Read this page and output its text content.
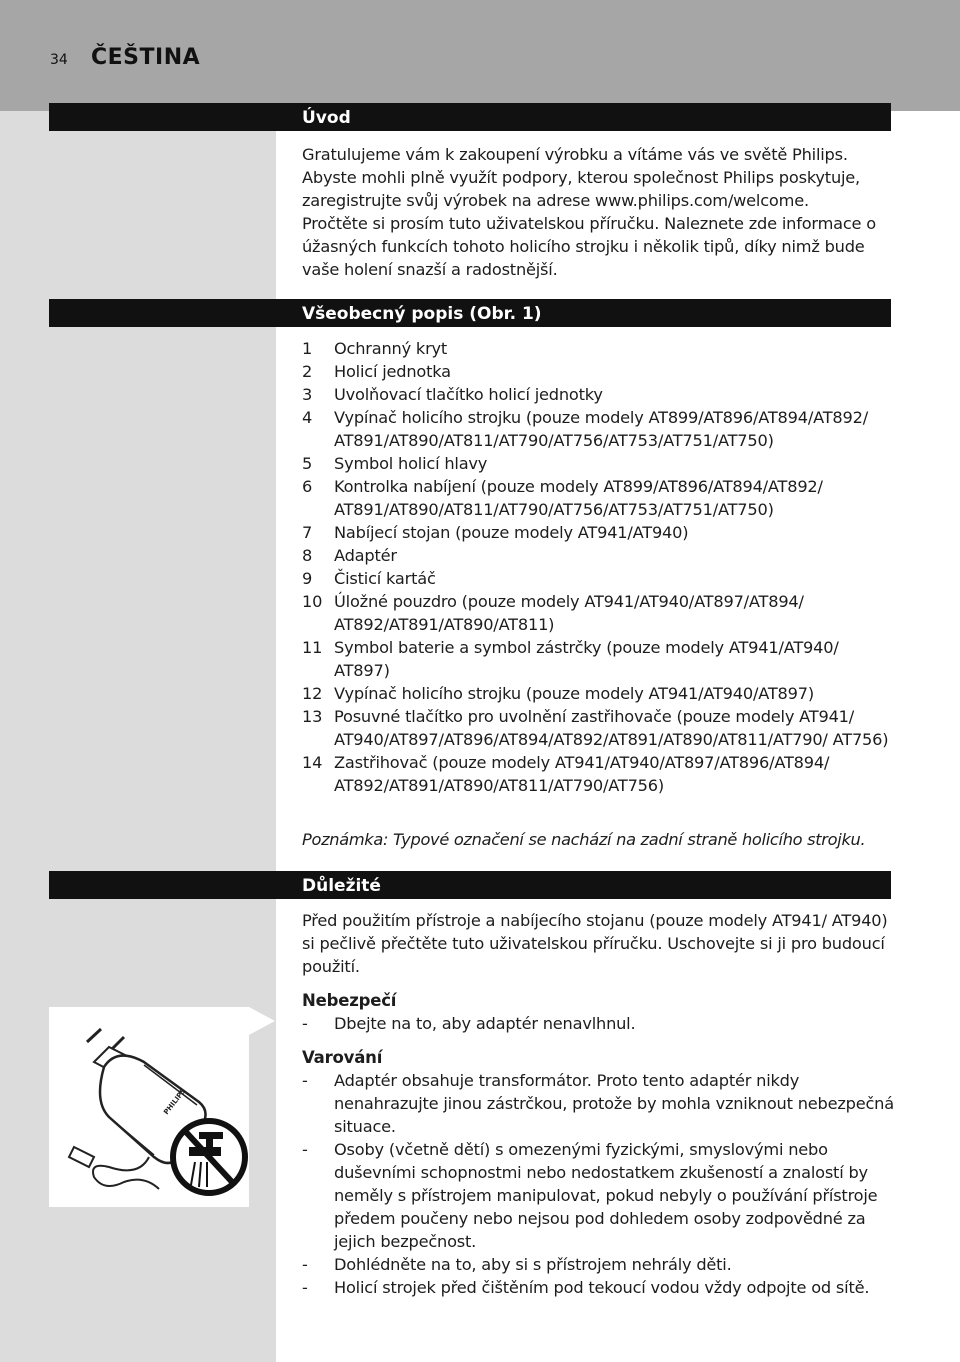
34 ČEŠTINA
Úvod

Gratulujeme vám k zakoupení výrobku a vítáme vás ve světě Philips. Abyste mohli plně využít podpory, kterou společnost Philips poskytuje, zaregistrujte svůj výrobek na adrese www.philips.com/welcome.

Pročtěte si prosím tuto uživatelskou příručku. Naleznete zde informace o úžasných funkcích tohoto holicího strojku i několik tipů, díky nimž bude vaše holení snazší a radostnější.

Všeobecný popis (Obr. 1)
1 Ochranný kryt
2 Holicí jednotka
3 Uvolňovací tlačítko holicí jednotky
4 Vypínač holicího strojku (pouze modely AT899/AT896/AT894/AT892/ AT891/AT890/AT811/AT790/AT756/AT753/AT751/AT750)
5 Symbol holicí hlavy
6 Kontrolka nabíjení (pouze modely AT899/AT896/AT894/AT892/ AT891/AT890/AT811/AT790/AT756/AT753/AT751/AT750)
7 Nabíjecí stojan (pouze modely AT941/AT940)
8 Adaptér
9 Čisticí kartáč
10 Úložné pouzdro (pouze modely AT941/AT940/AT897/AT894/ AT892/AT891/AT890/AT811)
11 Symbol baterie a symbol zástrčky (pouze modely AT941/AT940/ AT897)
12 Vypínač holicího strojku (pouze modely AT941/AT940/AT897)
13 Posuvné tlačítko pro uvolnění zastřihovače (pouze modely AT941/ AT940/AT897/AT896/AT894/AT892/AT891/AT890/AT811/AT790/ AT756)
14 Zastřihovač (pouze modely AT941/AT940/AT897/AT896/AT894/ AT892/AT891/AT890/AT811/AT790/AT756)
Poznámka: Typové označení se nachází na zadní straně holicího strojku.
Důležité
Před použitím přístroje a nabíjecího stojanu (pouze modely AT941/ AT940) si pečlivě přečtěte tuto uživatelskou příručku. Uschovejte si ji pro budoucí použití.
Nebezpečí
- Dbejte na to, aby adaptér nenavlhnul.
Varování
- Adaptér obsahuje transformátor. Proto tento adaptér nikdy nenahrazujte jinou zástrčkou, protože by mohla vzniknout nebezpečná situace.
- Osoby (včetně dětí) s omezenými fyzickými, smyslovými nebo duševními schopnostmi nebo nedostatkem zkušeností a znalostí by neměly s přístrojem manipulovat, pokud nebyly o používání přístroje předem poučeny nebo nejsou pod dohledem osoby zodpovědné za jejich bezpečnost.
- Dohlédněte na to, aby si s přístrojem nehrály děti.
- Holicí strojek před čištěním pod tekoucí vodou vždy odpojte od sítě.
PHILIPS
